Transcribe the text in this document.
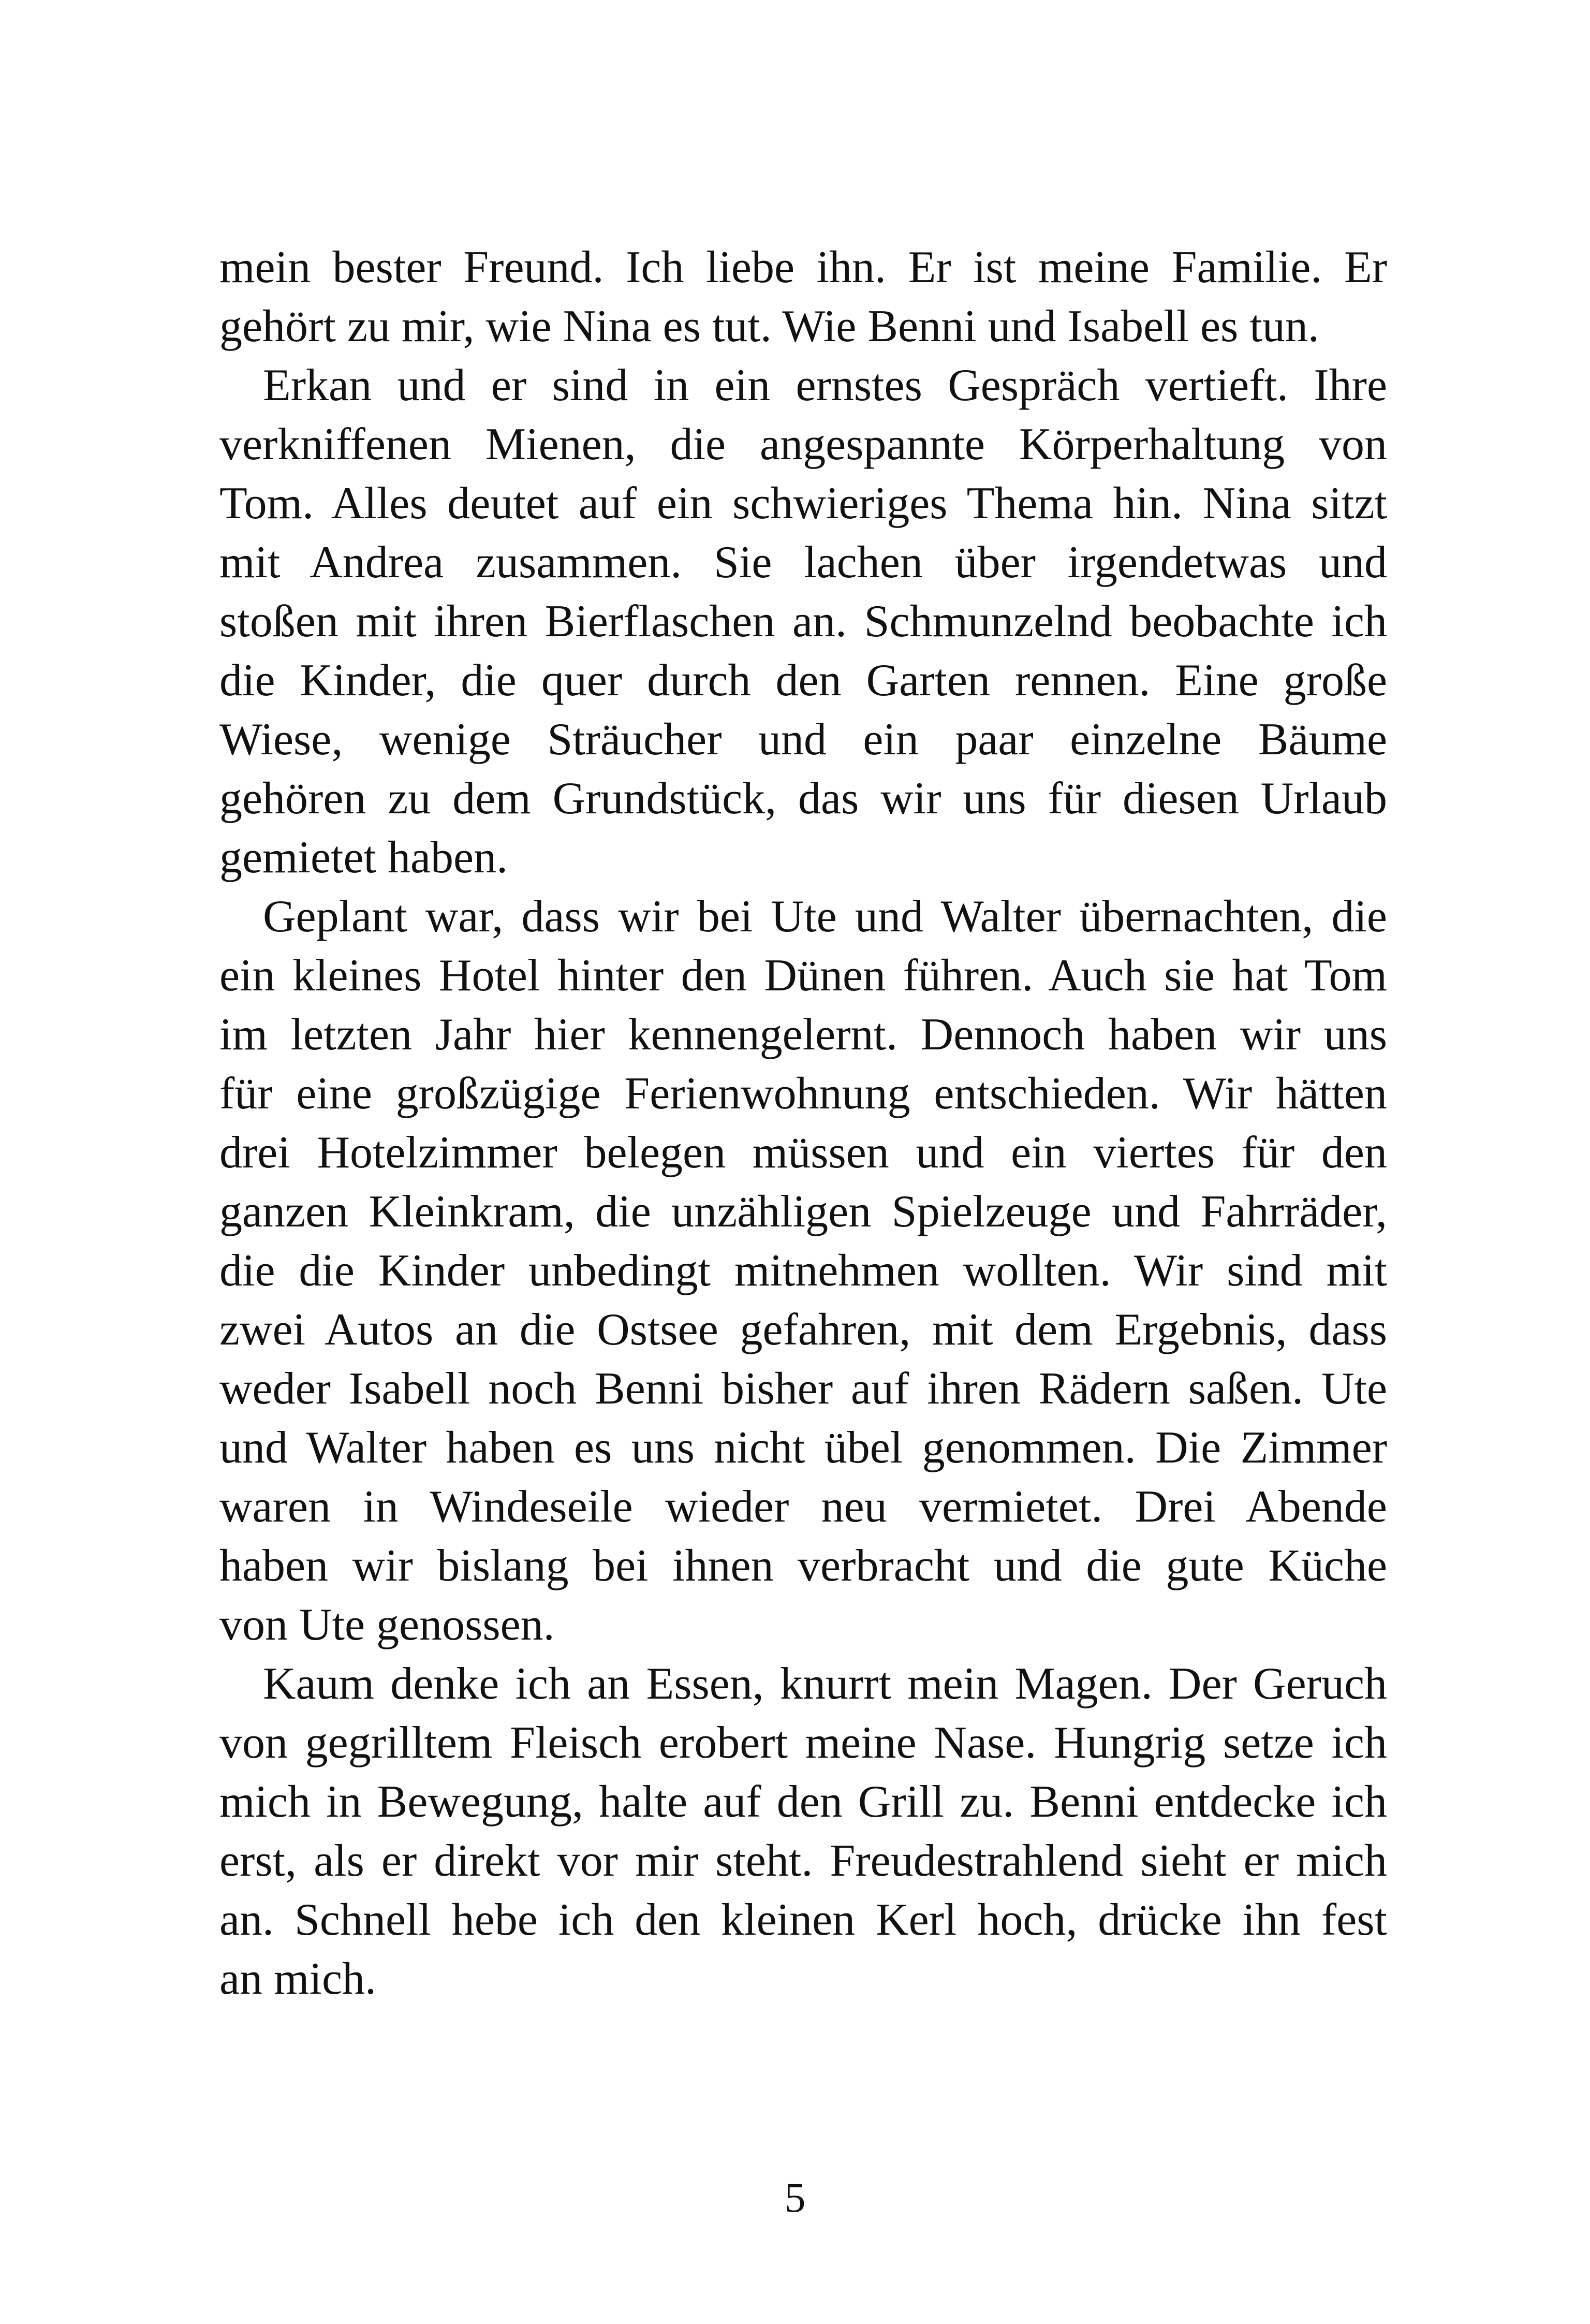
mein bester Freund. Ich liebe ihn. Er ist meine Familie. Er
gehört zu mir, wie Nina es tut. Wie Benni und Isabell es tun.
Erkan und er sind in ein ernstes Gespräch vertieft. Ihre
verkniffenen Mienen, die angespannte Körperhaltung von
Tom. Alles deutet auf ein schwieriges Thema hin. Nina sitzt
mit Andrea zusammen. Sie lachen über irgendetwas und
stoßen mit ihren Bierflaschen an. Schmunzelnd beobachte ich
die Kinder, die quer durch den Garten rennen. Eine große
Wiese, wenige Sträucher und ein paar einzelne Bäume
gehören zu dem Grundstück, das wir uns für diesen Urlaub
gemietet haben.
Geplant war, dass wir bei Ute und Walter übernachten, die
ein kleines Hotel hinter den Dünen führen. Auch sie hat Tom
im letzten Jahr hier kennengelernt. Dennoch haben wir uns
für eine großzügige Ferienwohnung entschieden. Wir hätten
drei Hotelzimmer belegen müssen und ein viertes für den
ganzen Kleinkram, die unzähligen Spielzeuge und Fahrräder,
die die Kinder unbedingt mitnehmen wollten. Wir sind mit
zwei Autos an die Ostsee gefahren, mit dem Ergebnis, dass
weder Isabell noch Benni bisher auf ihren Rädern saßen. Ute
und Walter haben es uns nicht übel genommen. Die Zimmer
waren in Windeseile wieder neu vermietet. Drei Abende
haben wir bislang bei ihnen verbracht und die gute Küche
von Ute genossen.
Kaum denke ich an Essen, knurrt mein Magen. Der Geruch
von gegrilltem Fleisch erobert meine Nase. Hungrig setze ich
mich in Bewegung, halte auf den Grill zu. Benni entdecke ich
erst, als er direkt vor mir steht. Freudestrahlend sieht er mich
an. Schnell hebe ich den kleinen Kerl hoch, drücke ihn fest
an mich.
5
